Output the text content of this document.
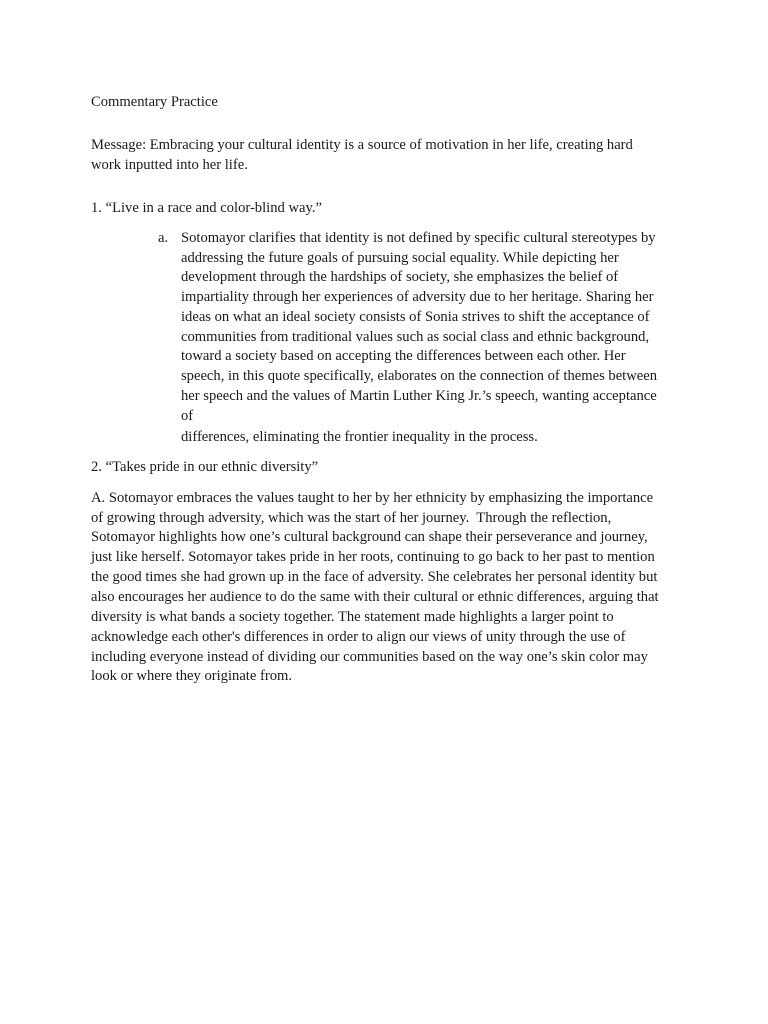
Commentary Practice
Message: Embracing your cultural identity is a source of motivation in her life, creating hard
work inputted into her life.
1. “Live in a race and color-blind way.”
a. Sotomayor clarifies that identity is not defined by specific cultural stereotypes by
addressing the future goals of pursuing social equality. While depicting her
development through the hardships of society, she emphasizes the belief of
impartiality through her experiences of adversity due to her heritage. Sharing her
ideas on what an ideal society consists of Sonia strives to shift the acceptance of
communities from traditional values such as social class and ethnic background,
toward a society based on accepting the differences between each other. Her
speech, in this quote specifically, elaborates on the connection of themes between
her speech and the values of Martin Luther King Jr.’s speech, wanting acceptance
of
differences, eliminating the frontier inequality in the process.
2. “Takes pride in our ethnic diversity”
A. Sotomayor embraces the values taught to her by her ethnicity by emphasizing the importance
of growing through adversity, which was the start of her journey.  Through the reflection,
Sotomayor highlights how one’s cultural background can shape their perseverance and journey,
just like herself. Sotomayor takes pride in her roots, continuing to go back to her past to mention
the good times she had grown up in the face of adversity. She celebrates her personal identity but
also encourages her audience to do the same with their cultural or ethnic differences, arguing that
diversity is what bands a society together. The statement made highlights a larger point to
acknowledge each other's differences in order to align our views of unity through the use of
including everyone instead of dividing our communities based on the way one’s skin color may
look or where they originate from.
